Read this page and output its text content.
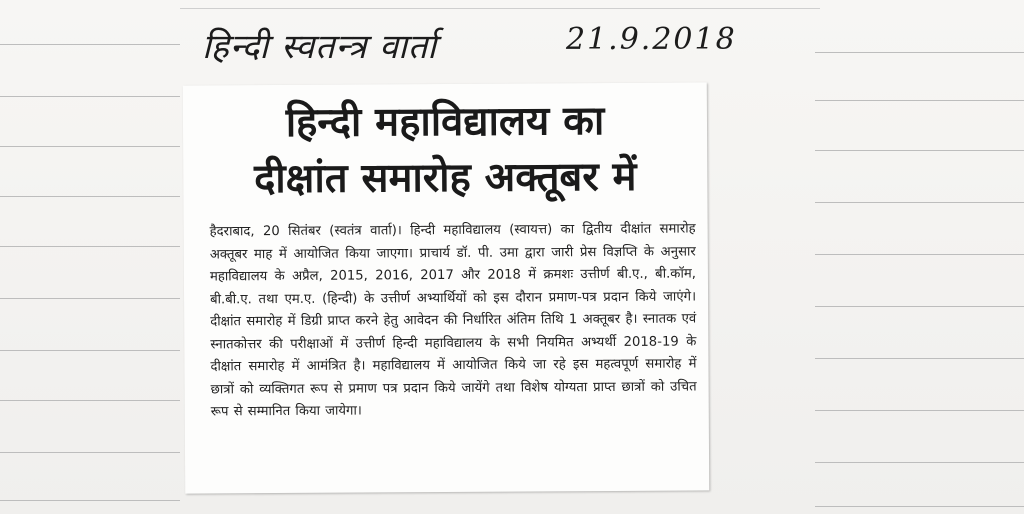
हिन्दी स्वतन्त्र वार्ता	21.9.2018
हिन्दी महाविद्यालय का
दीक्षांत समारोह अक्तूबर में
हैदराबाद, 20 सितंबर (स्वतंत्र वार्ता)। हिन्दी महाविद्यालय (स्वायत्त) का द्वितीय दीक्षांत समारोह अक्तूबर माह में आयोजित किया जाएगा। प्राचार्य डॉ. पी. उमा द्वारा जारी प्रेस विज्ञप्ति के अनुसार महाविद्यालय के अप्रैल, 2015, 2016, 2017 और 2018 में क्रमशः उत्तीर्ण बी.ए., बी.कॉम, बी.बी.ए. तथा एम.ए. (हिन्दी) के उत्तीर्ण अभ्यार्थियों को इस दौरान प्रमाण-पत्र प्रदान किये जाएंगे। दीक्षांत समारोह में डिग्री प्राप्त करने हेतु आवेदन की निर्धारित अंतिम तिथि 1 अक्तूबर है। स्नातक एवं स्नातकोत्तर की परीक्षाओं में उत्तीर्ण हिन्दी महाविद्यालय के सभी नियमित अभ्यर्थी 2018-19 के दीक्षांत समारोह में आमंत्रित है। महाविद्यालय में आयोजित किये जा रहे इस महत्वपूर्ण समारोह में छात्रों को व्यक्तिगत रूप से प्रमाण पत्र प्रदान किये जायेंगे तथा विशेष योग्यता प्राप्त छात्रों को उचित रूप से सम्मानित किया जायेगा।
